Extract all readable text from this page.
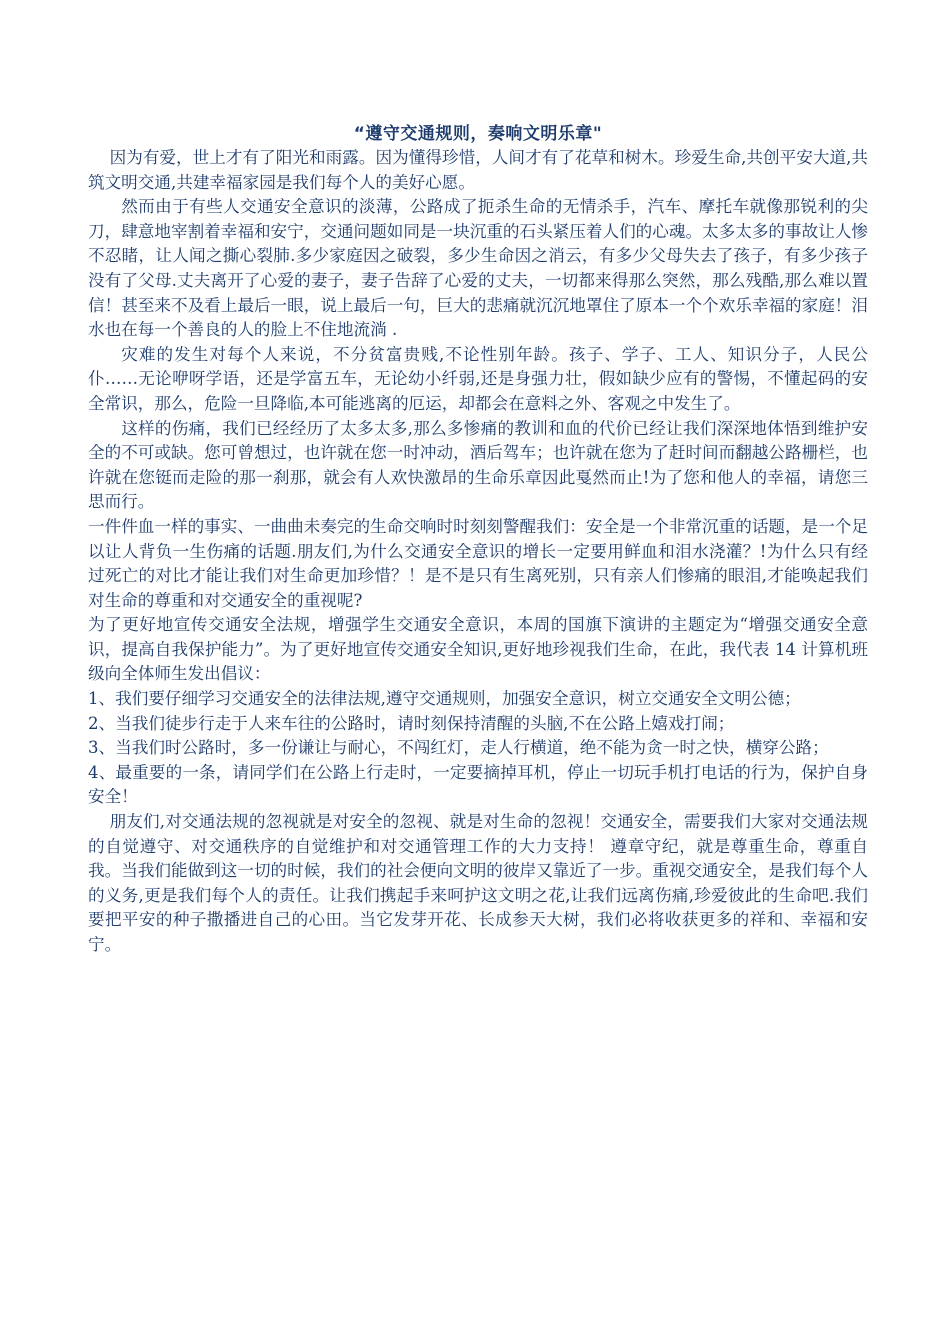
“遵守交通规则，奏响文明乐章"

因为有爱，世上才有了阳光和雨露。因为懂得珍惜，人间才有了花草和树木。珍爱生命,共创平安大道,共筑文明交通,共建幸福家园是我们每个人的美好心愿。

然而由于有些人交通安全意识的淡薄，公路成了扼杀生命的无情杀手，汽车、摩托车就像那锐利的尖刀，肆意地宰割着幸福和安宁，交通问题如同是一块沉重的石头紧压着人们的心魂。太多太多的事故让人惨不忍睹，让人闻之撕心裂肺.多少家庭因之破裂，多少生命因之消云，有多少父母失去了孩子，有多少孩子没有了父母.丈夫离开了心爱的妻子，妻子告辞了心爱的丈夫，一切都来得那么突然，那么残酷,那么难以置信！甚至来不及看上最后一眼，说上最后一句，巨大的悲痛就沉沉地罩住了原本一个个欢乐幸福的家庭！泪水也在每一个善良的人的脸上不住地流淌 .

灾难的发生对每个人来说，不分贫富贵贱,不论性别年龄。孩子、学子、工人、知识分子，人民公仆……无论咿呀学语，还是学富五车，无论幼小纤弱,还是身强力壮，假如缺少应有的警惕，不懂起码的安全常识，那么，危险一旦降临,本可能逃离的厄运，却都会在意料之外、客观之中发生了。

这样的伤痛，我们已经经历了太多太多,那么多惨痛的教训和血的代价已经让我们深深地体悟到维护安全的不可或缺。您可曾想过，也许就在您一时冲动，酒后驾车；也许就在您为了赶时间而翻越公路栅栏，也许就在您铤而走险的那一刹那，就会有人欢快激昂的生命乐章因此戛然而止!为了您和他人的幸福，请您三思而行。

一件件血一样的事实、一曲曲未奏完的生命交响时时刻刻警醒我们：安全是一个非常沉重的话题，是一个足以让人背负一生伤痛的话题.朋友们,为什么交通安全意识的增长一定要用鲜血和泪水浇灌？!为什么只有经过死亡的对比才能让我们对生命更加珍惜？！是不是只有生离死别，只有亲人们惨痛的眼泪,才能唤起我们对生命的尊重和对交通安全的重视呢?

为了更好地宣传交通安全法规，增强学生交通安全意识，本周的国旗下演讲的主题定为“增强交通安全意识，提高自我保护能力”。为了更好地宣传交通安全知识,更好地珍视我们生命，在此，我代表 14 计算机班级向全体师生发出倡议：

1、我们要仔细学习交通安全的法律法规,遵守交通规则，加强安全意识，树立交通安全文明公德；

2、当我们徒步行走于人来车往的公路时，请时刻保持清醒的头脑,不在公路上嬉戏打闹；

3、当我们时公路时，多一份谦让与耐心，不闯红灯，走人行横道，绝不能为贪一时之快，横穿公路；

4、最重要的一条，请同学们在公路上行走时，一定要摘掉耳机，停止一切玩手机打电话的行为，保护自身安全！

朋友们,对交通法规的忽视就是对安全的忽视、就是对生命的忽视！交通安全，需要我们大家对交通法规的自觉遵守、对交通秩序的自觉维护和对交通管理工作的大力支持！ 遵章守纪，就是尊重生命，尊重自我。当我们能做到这一切的时候，我们的社会便向文明的彼岸又靠近了一步。重视交通安全，是我们每个人的义务,更是我们每个人的责任。让我们携起手来呵护这文明之花,让我们远离伤痛,珍爱彼此的生命吧.我们要把平安的种子撒播进自己的心田。当它发芽开花、长成参天大树，我们必将收获更多的祥和、幸福和安宁。
